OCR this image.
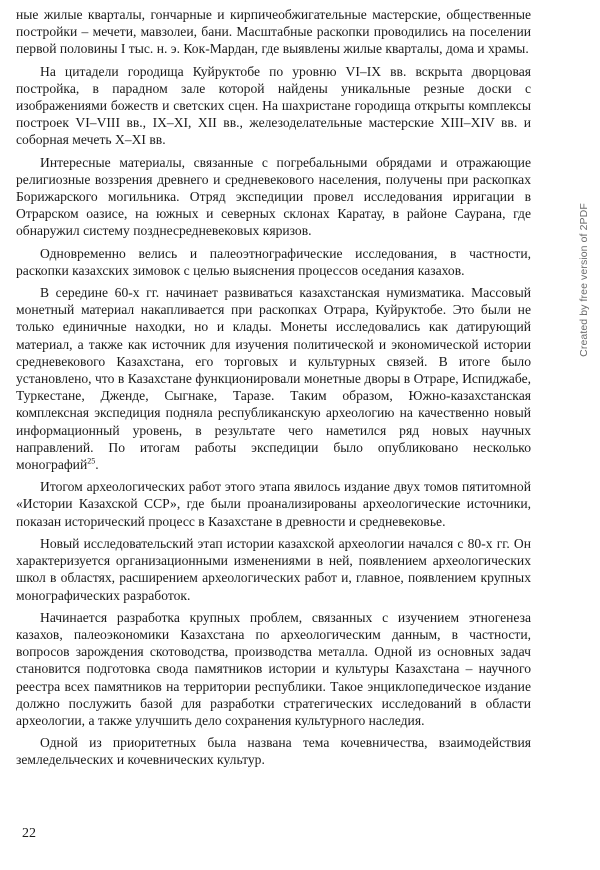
ные жилые кварталы, гончарные и кирпичеобжигательные мастерские, общественные постройки – мечети, мавзолеи, бани. Масштабные раскопки проводились на поселении первой половины I тыс. н. э. Кок-Мардан, где выявлены жилые кварталы, дома и храмы.

На цитадели городища Куйруктобе по уровню VI–IX вв. вскрыта дворцовая постройка, в парадном зале которой найдены уникальные резные доски с изображениями божеств и светских сцен. На шахристане городища открыты комплексы построек VI–VIII вв., IX–XI, XII вв., железоделательные мастерские XIII–XIV вв. и соборная мечеть X–XI вв.

Интересные материалы, связанные с погребальными обрядами и отражающие религиозные воззрения древнего и средневекового населения, получены при раскопках Борижарского могильника. Отряд экспедиции провел исследования ирригации в Отрарском оазисе, на южных и северных склонах Каратау, в районе Саурана, где обнаружил систему позднесредневековых кяризов.

Одновременно велись и палеоэтнографические исследования, в частности, раскопки казахских зимовок с целью выяснения процессов оседания казахов.

В середине 60-х гг. начинает развиваться казахстанская нумизматика. Массовый монетный материал накапливается при раскопках Отрара, Куйруктобе. Это были не только единичные находки, но и клады. Монеты исследовались как датирующий материал, а также как источник для изучения политической и экономической истории средневекового Казахстана, его торговых и культурных связей. В итоге было установлено, что в Казахстане функционировали монетные дворы в Отраре, Испиджабе, Туркестане, Дженде, Сыгнаке, Таразе. Таким образом, Южно-казахстанская комплексная экспедиция подняла республиканскую археологию на качественно новый информационный уровень, в результате чего наметился ряд новых научных направлений. По итогам работы экспедиции было опубликовано несколько монографий$^{25}$.

Итогом археологических работ этого этапа явилось издание двух томов пятитомной «Истории Казахской ССР», где были проанализированы археологические источники, показан исторический процесс в Казахстане в древности и средневековье.

Новый исследовательский этап истории казахской археологии начался с 80-х гг. Он характеризуется организационными изменениями в ней, появлением археологических школ в областях, расширением археологических работ и, главное, появлением крупных монографических разработок.

Начинается разработка крупных проблем, связанных с изучением этногенеза казахов, палеоэкономики Казахстана по археологическим данным, в частности, вопросов зарождения скотоводства, производства металла. Одной из основных задач становится подготовка свода памятников истории и культуры Казахстана – научного реестра всех памятников на территории республики. Такое энциклопедическое издание должно послужить базой для разработки стратегических исследований в области археологии, а также улучшить дело сохранения культурного наследия.

Одной из приоритетных была названа тема кочевничества, взаимодействия земледельческих и кочевнических культур.

22
Created by free version of 2PDF
